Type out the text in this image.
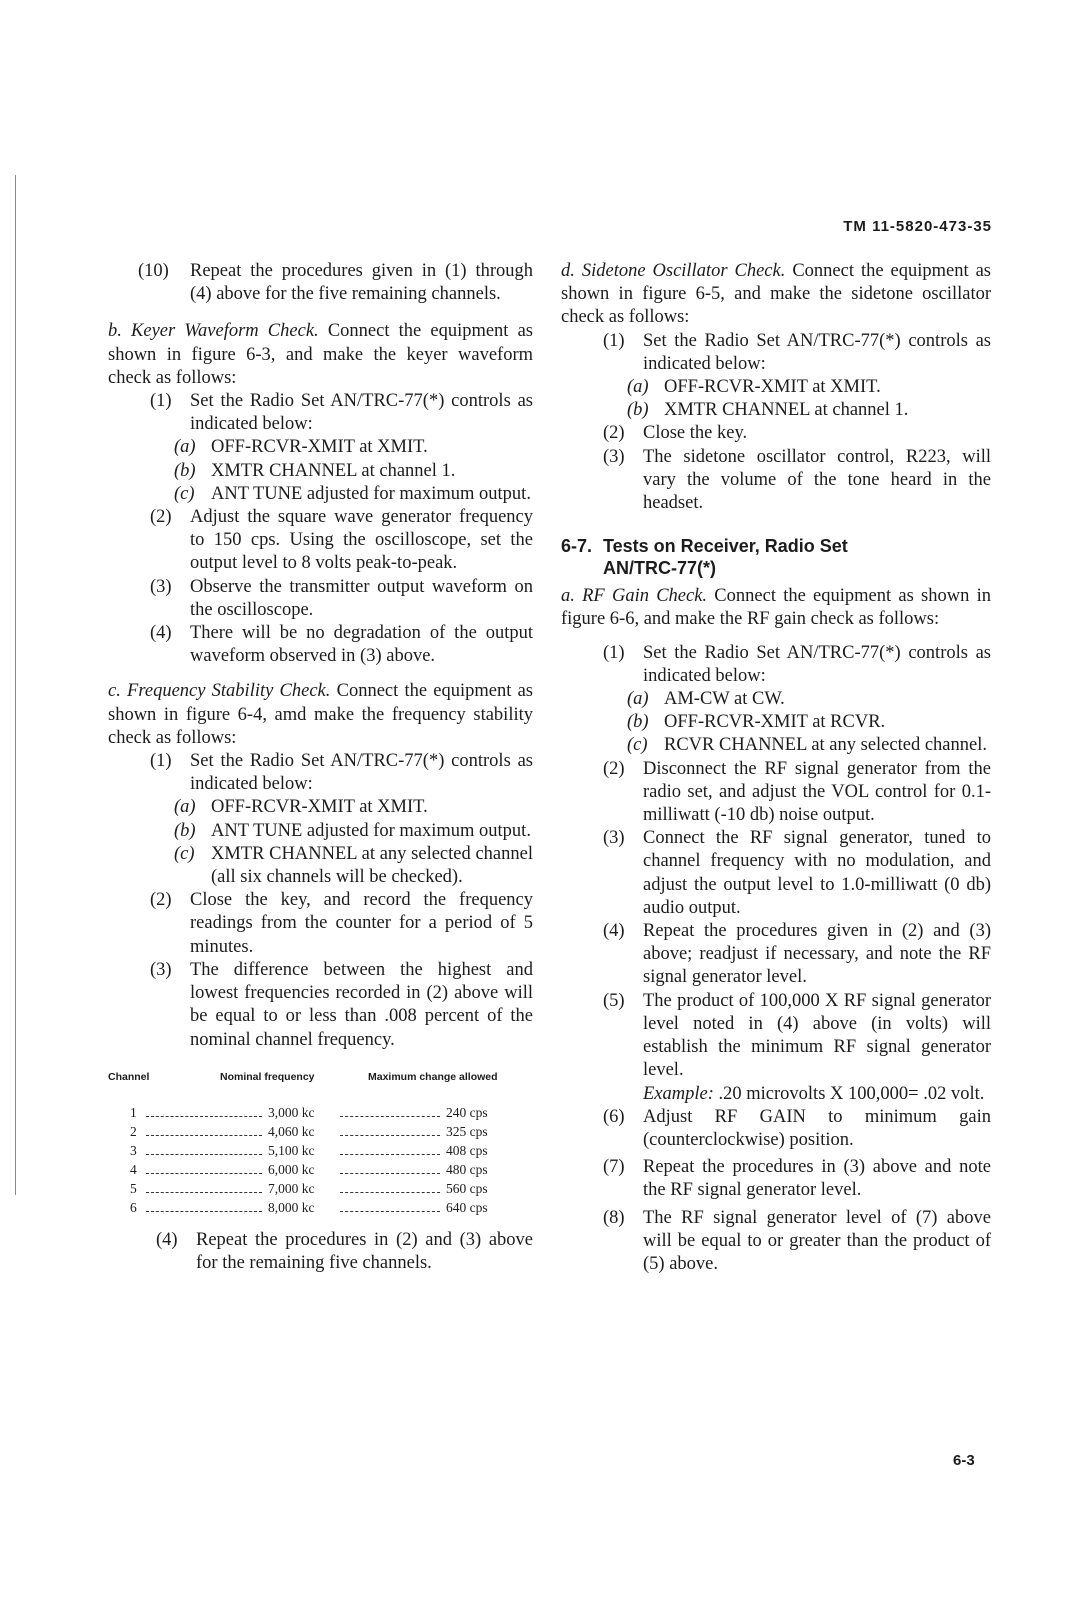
TM 11-5820-473-35
(10)	Repeat the procedures given in (1) through (4) above for the five remaining channels.
b. Keyer Waveform Check. Connect the equipment as shown in figure 6-3, and make the keyer waveform check as follows:
(1) Set the Radio Set AN/TRC-77(*) controls as indicated below:
(a) OFF-RCVR-XMIT at XMIT.
(b) XMTR CHANNEL at channel 1.
(c) ANT TUNE adjusted for maximum output.
(2) Adjust the square wave generator frequency to 150 cps. Using the oscilloscope, set the output level to 8 volts peak-to-peak.
(3) Observe the transmitter output waveform on the oscilloscope.
(4) There will be no degradation of the output waveform observed in (3) above.
c. Frequency Stability Check. Connect the equipment as shown in figure 6-4, amd make the frequency stability check as follows:
(1) Set the Radio Set AN/TRC-77(*) controls as indicated below:
(a) OFF-RCVR-XMIT at XMIT.
(b) ANT TUNE adjusted for maximum output.
(c) XMTR CHANNEL at any selected channel (all six channels will be checked).
(2) Close the key, and record the frequency readings from the counter for a period of 5 minutes.
(3) The difference between the highest and lowest frequencies recorded in (2) above will be equal to or less than .008 percent of the nominal channel frequency.
Channel	Nominal frequency	Maximum change allowed
1	3,000 kc	240 cps
2	4,060 kc	325 cps
3	5,100 kc	408 cps
4	6,000 kc	480 cps
5	7,000 kc	560 cps
6	8,000 kc	640 cps
(4) Repeat the procedures in (2) and (3) above for the remaining five channels.
d. Sidetone Oscillator Check. Connect the equipment as shown in figure 6-5, and make the sidetone oscillator check as follows:
(1) Set the Radio Set AN/TRC-77(*) controls as indicated below:
(a) OFF-RCVR-XMIT at XMIT.
(b) XMTR CHANNEL at channel 1.
(2) Close the key.
(3) The sidetone oscillator control, R223, will vary the volume of the tone heard in the headset.
6-7. Tests on Receiver, Radio Set
AN/TRC-77(*)
a. RF Gain Check. Connect the equipment as shown in figure 6-6, and make the RF gain check as follows:
(1) Set the Radio Set AN/TRC-77(*) controls as indicated below:
(a) AM-CW at CW.
(b) OFF-RCVR-XMIT at RCVR.
(c) RCVR CHANNEL at any selected channel.
(2) Disconnect the RF signal generator from the radio set, and adjust the VOL control for 0.1-milliwatt (-10 db) noise output.
(3) Connect the RF signal generator, tuned to channel frequency with no modulation, and adjust the output level to 1.0-milliwatt (0 db) audio output.
(4) Repeat the procedures given in (2) and (3) above; readjust if necessary, and note the RF signal generator level.
(5) The product of 100,000 X RF signal generator level noted in (4) above (in volts) will establish the minimum RF signal generator level.
Example: .20 microvolts X 100,000= .02 volt.
(6) Adjust RF GAIN to minimum gain (counterclockwise) position.
(7) Repeat the procedures in (3) above and note the RF signal generator level.
(8) The RF signal generator level of (7) above will be equal to or greater than the product of (5) above.
6-3
